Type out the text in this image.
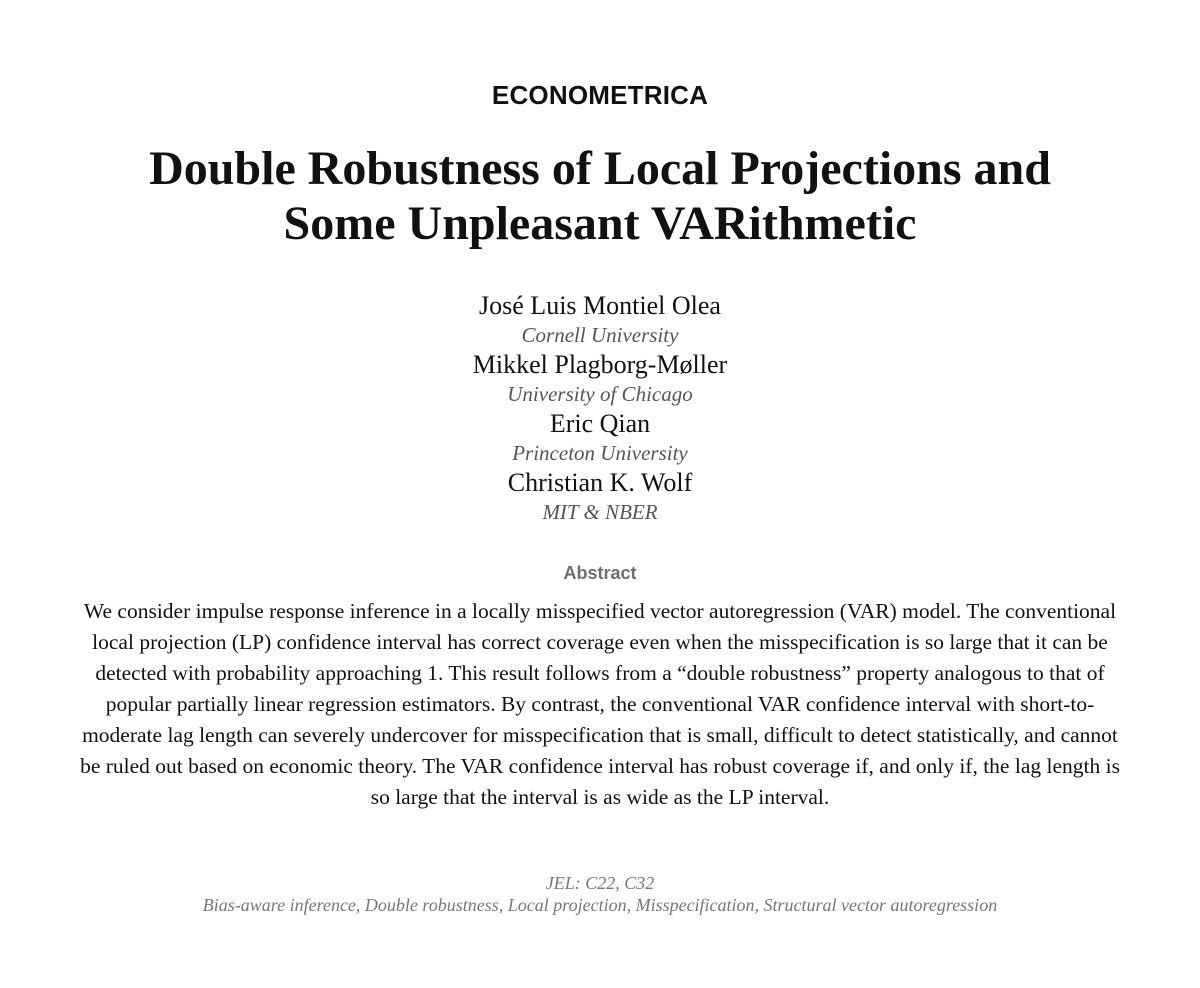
ECONOMETRICA
Double Robustness of Local Projections and
Some Unpleasant VARithmetic
José Luis Montiel Olea
Cornell University
Mikkel Plagborg-Møller
University of Chicago
Eric Qian
Princeton University
Christian K. Wolf
MIT & NBER
Abstract
We consider impulse response inference in a locally misspecified vector autoregression (VAR) model. The conventional local projection (LP) confidence interval has correct coverage even when the misspecification is so large that it can be detected with probability approaching 1. This result follows from a “double robustness” property analogous to that of popular partially linear regression estimators. By contrast, the conventional VAR confidence interval with short-to-moderate lag length can severely undercover for misspecification that is small, difficult to detect statistically, and cannot be ruled out based on economic theory. The VAR confidence interval has robust coverage if, and only if, the lag length is so large that the interval is as wide as the LP interval.
JEL: C22, C32
Bias-aware inference, Double robustness, Local projection, Misspecification, Structural vector autoregression
